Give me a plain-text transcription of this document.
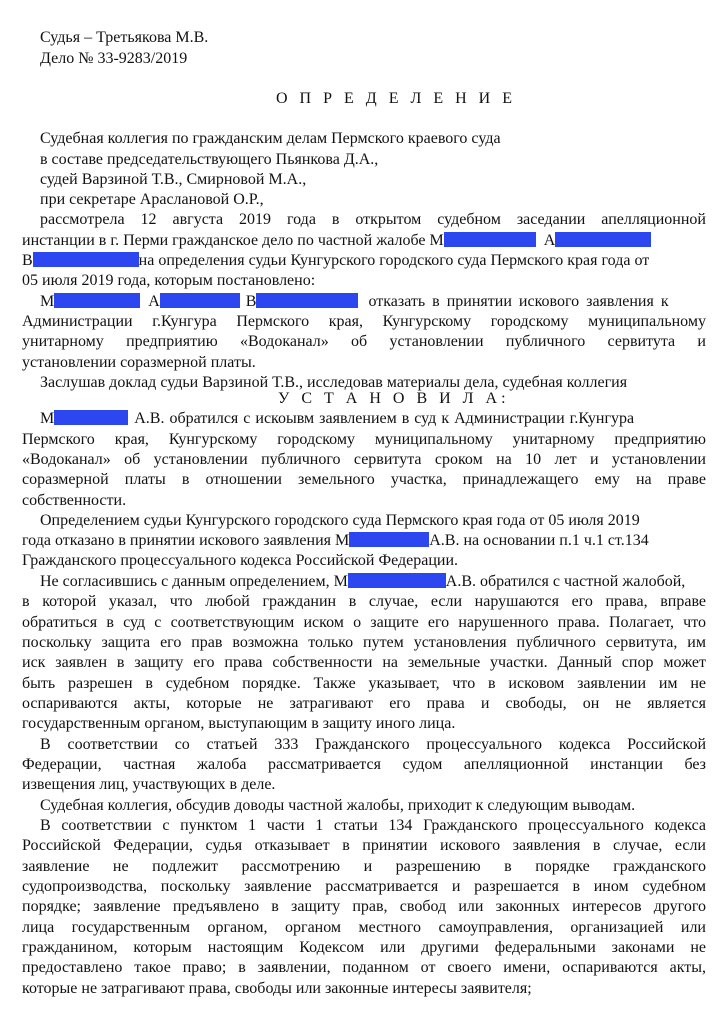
Судья – Третьякова М.В.
Дело № 33-9283/2019
О П Р Е Д Е Л Е Н И Е
Судебная коллегия по гражданским делам Пермского краевого суда
в составе председательствующего Пьянкова Д.А.,
судей Варзиной Т.В., Смирновой М.А.,
при секретаре Араслановой О.Р.,
рассмотрела 12 августа 2019 года в открытом судебном заседании апелляционной
инстанции в г. Перми гражданское дело по частной жалобе М	А
В	на определения судьи Кунгурского городского суда Пермского края года от
05 июля 2019 года, которым постановлено:
М	А	В	отказать в принятии искового заявления к
Администрации г.Кунгура Пермского края, Кунгурскому городскому муниципальному
унитарному предприятию «Водоканал» об установлении публичного сервитута и
установлении соразмерной платы.
Заслушав доклад судьи Варзиной Т.В., исследовав материалы дела, судебная коллегия
У С Т А Н О В И Л А:
М	А.В. обратился с искоывм заявлением в суд к Администрации г.Кунгура
Пермского края, Кунгурскому городскому муниципальному унитарному предприятию
«Водоканал» об установлении публичного сервитута сроком на 10 лет и установлении
соразмерной платы в отношении земельного участка, принадлежащего ему на праве
собственности.
Определением судьи Кунгурского городского суда Пермского края года от 05 июля 2019
года отказано в принятии искового заявления М	А.В. на основании п.1 ч.1 ст.134
Гражданского процессуального кодекса Российской Федерации.
Не согласившись с данным определением, М	А.В. обратился с частной жалобой,
в которой указал, что любой гражданин в случае, если нарушаются его права, вправе
обратиться в суд с соответствующим иском о защите его нарушенного права. Полагает, что
поскольку защита его прав возможна только путем установления публичного сервитута, им
иск заявлен в защиту его права собственности на земельные участки. Данный спор может
быть разрешен в судебном порядке. Также указывает, что в исковом заявлении им не
оспариваются акты, которые не затрагивают его права и свободы, он не является
государственным органом, выступающим в защиту иного лица.
В соответствии со статьей 333 Гражданского процессуального кодекса Российской
Федерации, частная жалоба рассматривается судом апелляционной инстанции без
извещения лиц, участвующих в деле.
Судебная коллегия, обсудив доводы частной жалобы, приходит к следующим выводам.
В соответствии с пунктом 1 части 1 статьи 134 Гражданского процессуального кодекса
Российской Федерации, судья отказывает в принятии искового заявления в случае, если
заявление не подлежит рассмотрению и разрешению в порядке гражданского
судопроизводства, поскольку заявление рассматривается и разрешается в ином судебном
порядке; заявление предъявлено в защиту прав, свобод или законных интересов другого
лица государственным органом, органом местного самоуправления, организацией или
гражданином, которым настоящим Кодексом или другими федеральными законами не
предоставлено такое право; в заявлении, поданном от своего имени, оспариваются акты,
которые не затрагивают права, свободы или законные интересы заявителя;
